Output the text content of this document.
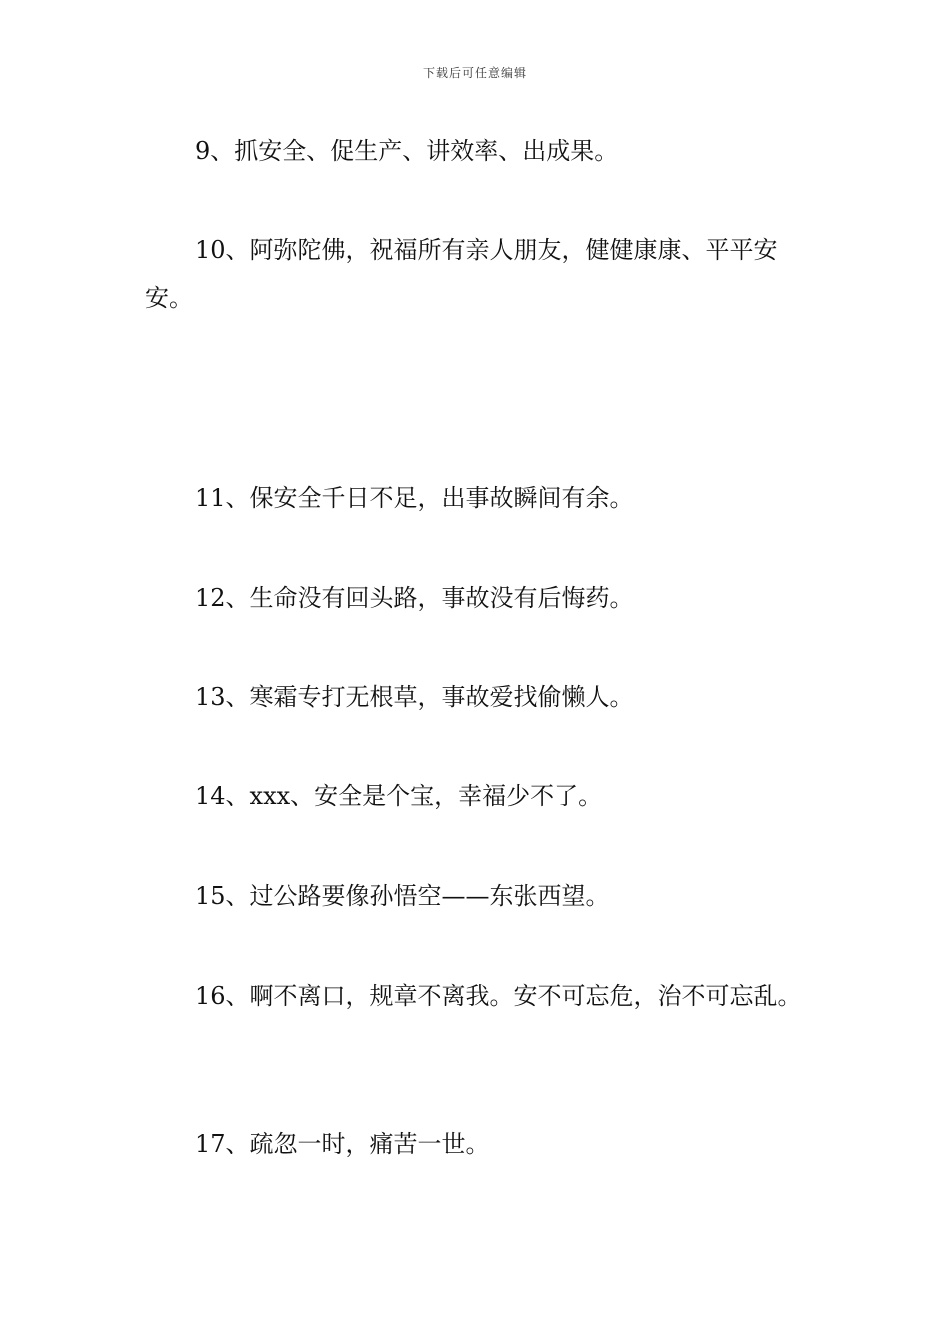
下载后可任意编辑

9、抓安全、促生产、讲效率、出成果。

10、阿弥陀佛，祝福所有亲人朋友，健健康康、平平安安。

11、保安全千日不足，出事故瞬间有余。

12、生命没有回头路，事故没有后悔药。

13、寒霜专打无根草，事故爱找偷懒人。

14、xxx、安全是个宝，幸福少不了。

15、过公路要像孙悟空——东张西望。

16、啊不离口，规章不离我。安不可忘危，治不可忘乱。

17、疏忽一时，痛苦一世。
